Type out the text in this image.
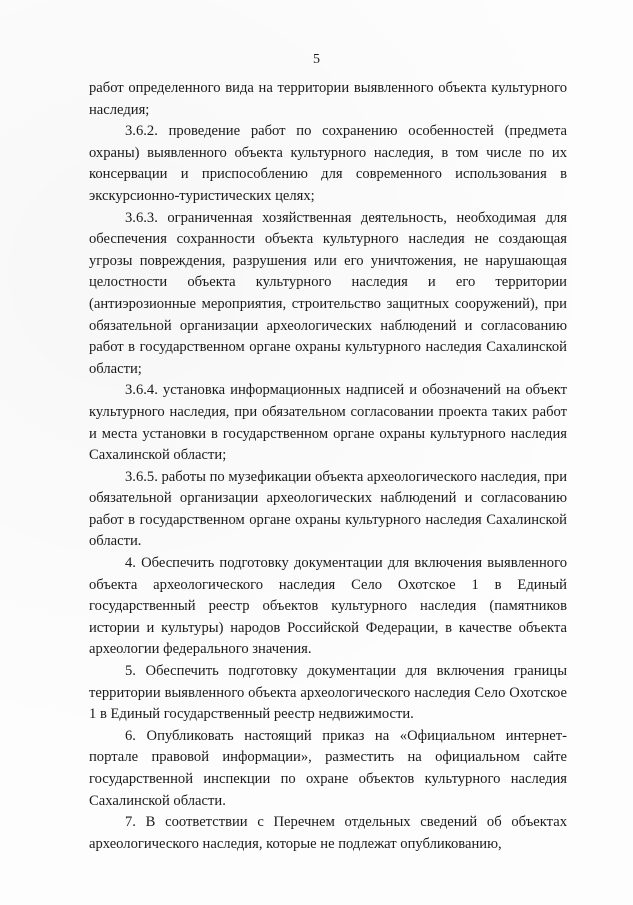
5

работ определенного вида на территории выявленного объекта культурного наследия;

3.6.2. проведение работ по сохранению особенностей (предмета охраны) выявленного объекта культурного наследия, в том числе по их консервации и приспособлению для современного использования в экскурсионно-туристических целях;

3.6.3. ограниченная хозяйственная деятельность, необходимая для обеспечения сохранности объекта культурного наследия не создающая угрозы повреждения, разрушения или его уничтожения, не нарушающая целостности объекта культурного наследия и его территории (антиэрозионные мероприятия, строительство защитных сооружений), при обязательной организации археологических наблюдений и согласованию работ в государственном органе охраны культурного наследия Сахалинской области;

3.6.4. установка информационных надписей и обозначений на объект культурного наследия, при обязательном согласовании проекта таких работ и места установки в государственном органе охраны культурного наследия Сахалинской области;

3.6.5. работы по музефикации объекта археологического наследия, при обязательной организации археологических наблюдений и согласованию работ в государственном органе охраны культурного наследия Сахалинской области.

4. Обеспечить подготовку документации для включения выявленного объекта археологического наследия Село Охотское 1 в Единый государственный реестр объектов культурного наследия (памятников истории и культуры) народов Российской Федерации, в качестве объекта археологии федерального значения.

5. Обеспечить подготовку документации для включения границы территории выявленного объекта археологического наследия Село Охотское 1 в Единый государственный реестр недвижимости.

6. Опубликовать настоящий приказ на «Официальном интернет-портале правовой информации», разместить на официальном сайте государственной инспекции по охране объектов культурного наследия Сахалинской области.

7. В соответствии с Перечнем отдельных сведений об объектах археологического наследия, которые не подлежат опубликованию,
